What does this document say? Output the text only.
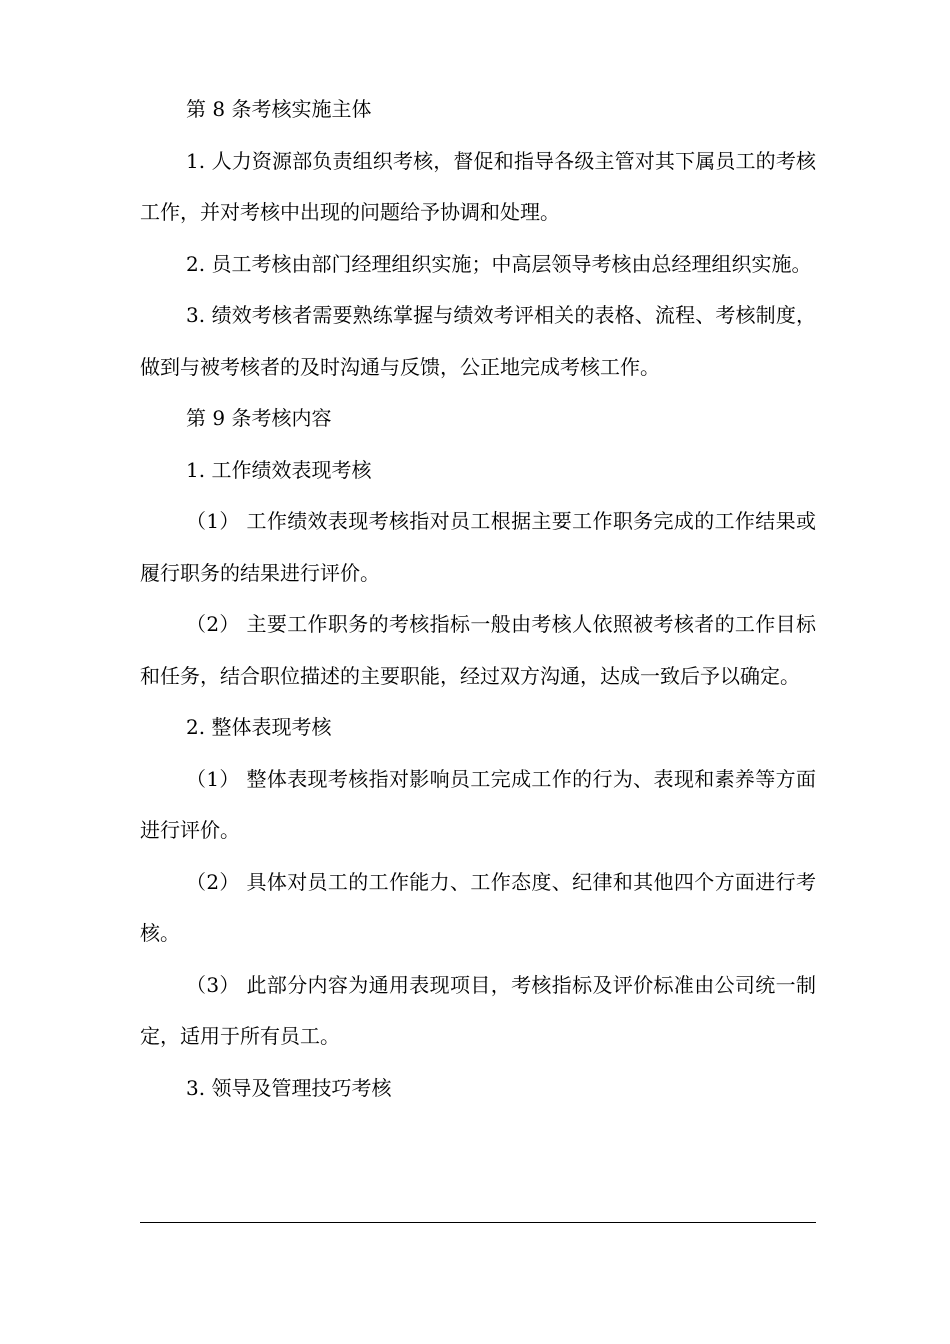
第 8 条考核实施主体

1. 人力资源部负责组织考核，督促和指导各级主管对其下属员工的考核工作，并对考核中出现的问题给予协调和处理。

2. 员工考核由部门经理组织实施；中高层领导考核由总经理组织实施。

3. 绩效考核者需要熟练掌握与绩效考评相关的表格、流程、考核制度，做到与被考核者的及时沟通与反馈，公正地完成考核工作。

第 9 条考核内容

1. 工作绩效表现考核

（1） 工作绩效表现考核指对员工根据主要工作职务完成的工作结果或履行职务的结果进行评价。

（2） 主要工作职务的考核指标一般由考核人依照被考核者的工作目标和任务，结合职位描述的主要职能，经过双方沟通，达成一致后予以确定。

2. 整体表现考核

（1） 整体表现考核指对影响员工完成工作的行为、表现和素养等方面进行评价。

（2） 具体对员工的工作能力、工作态度、纪律和其他四个方面进行考核。

（3） 此部分内容为通用表现项目，考核指标及评价标准由公司统一制定，适用于所有员工。

3. 领导及管理技巧考核
